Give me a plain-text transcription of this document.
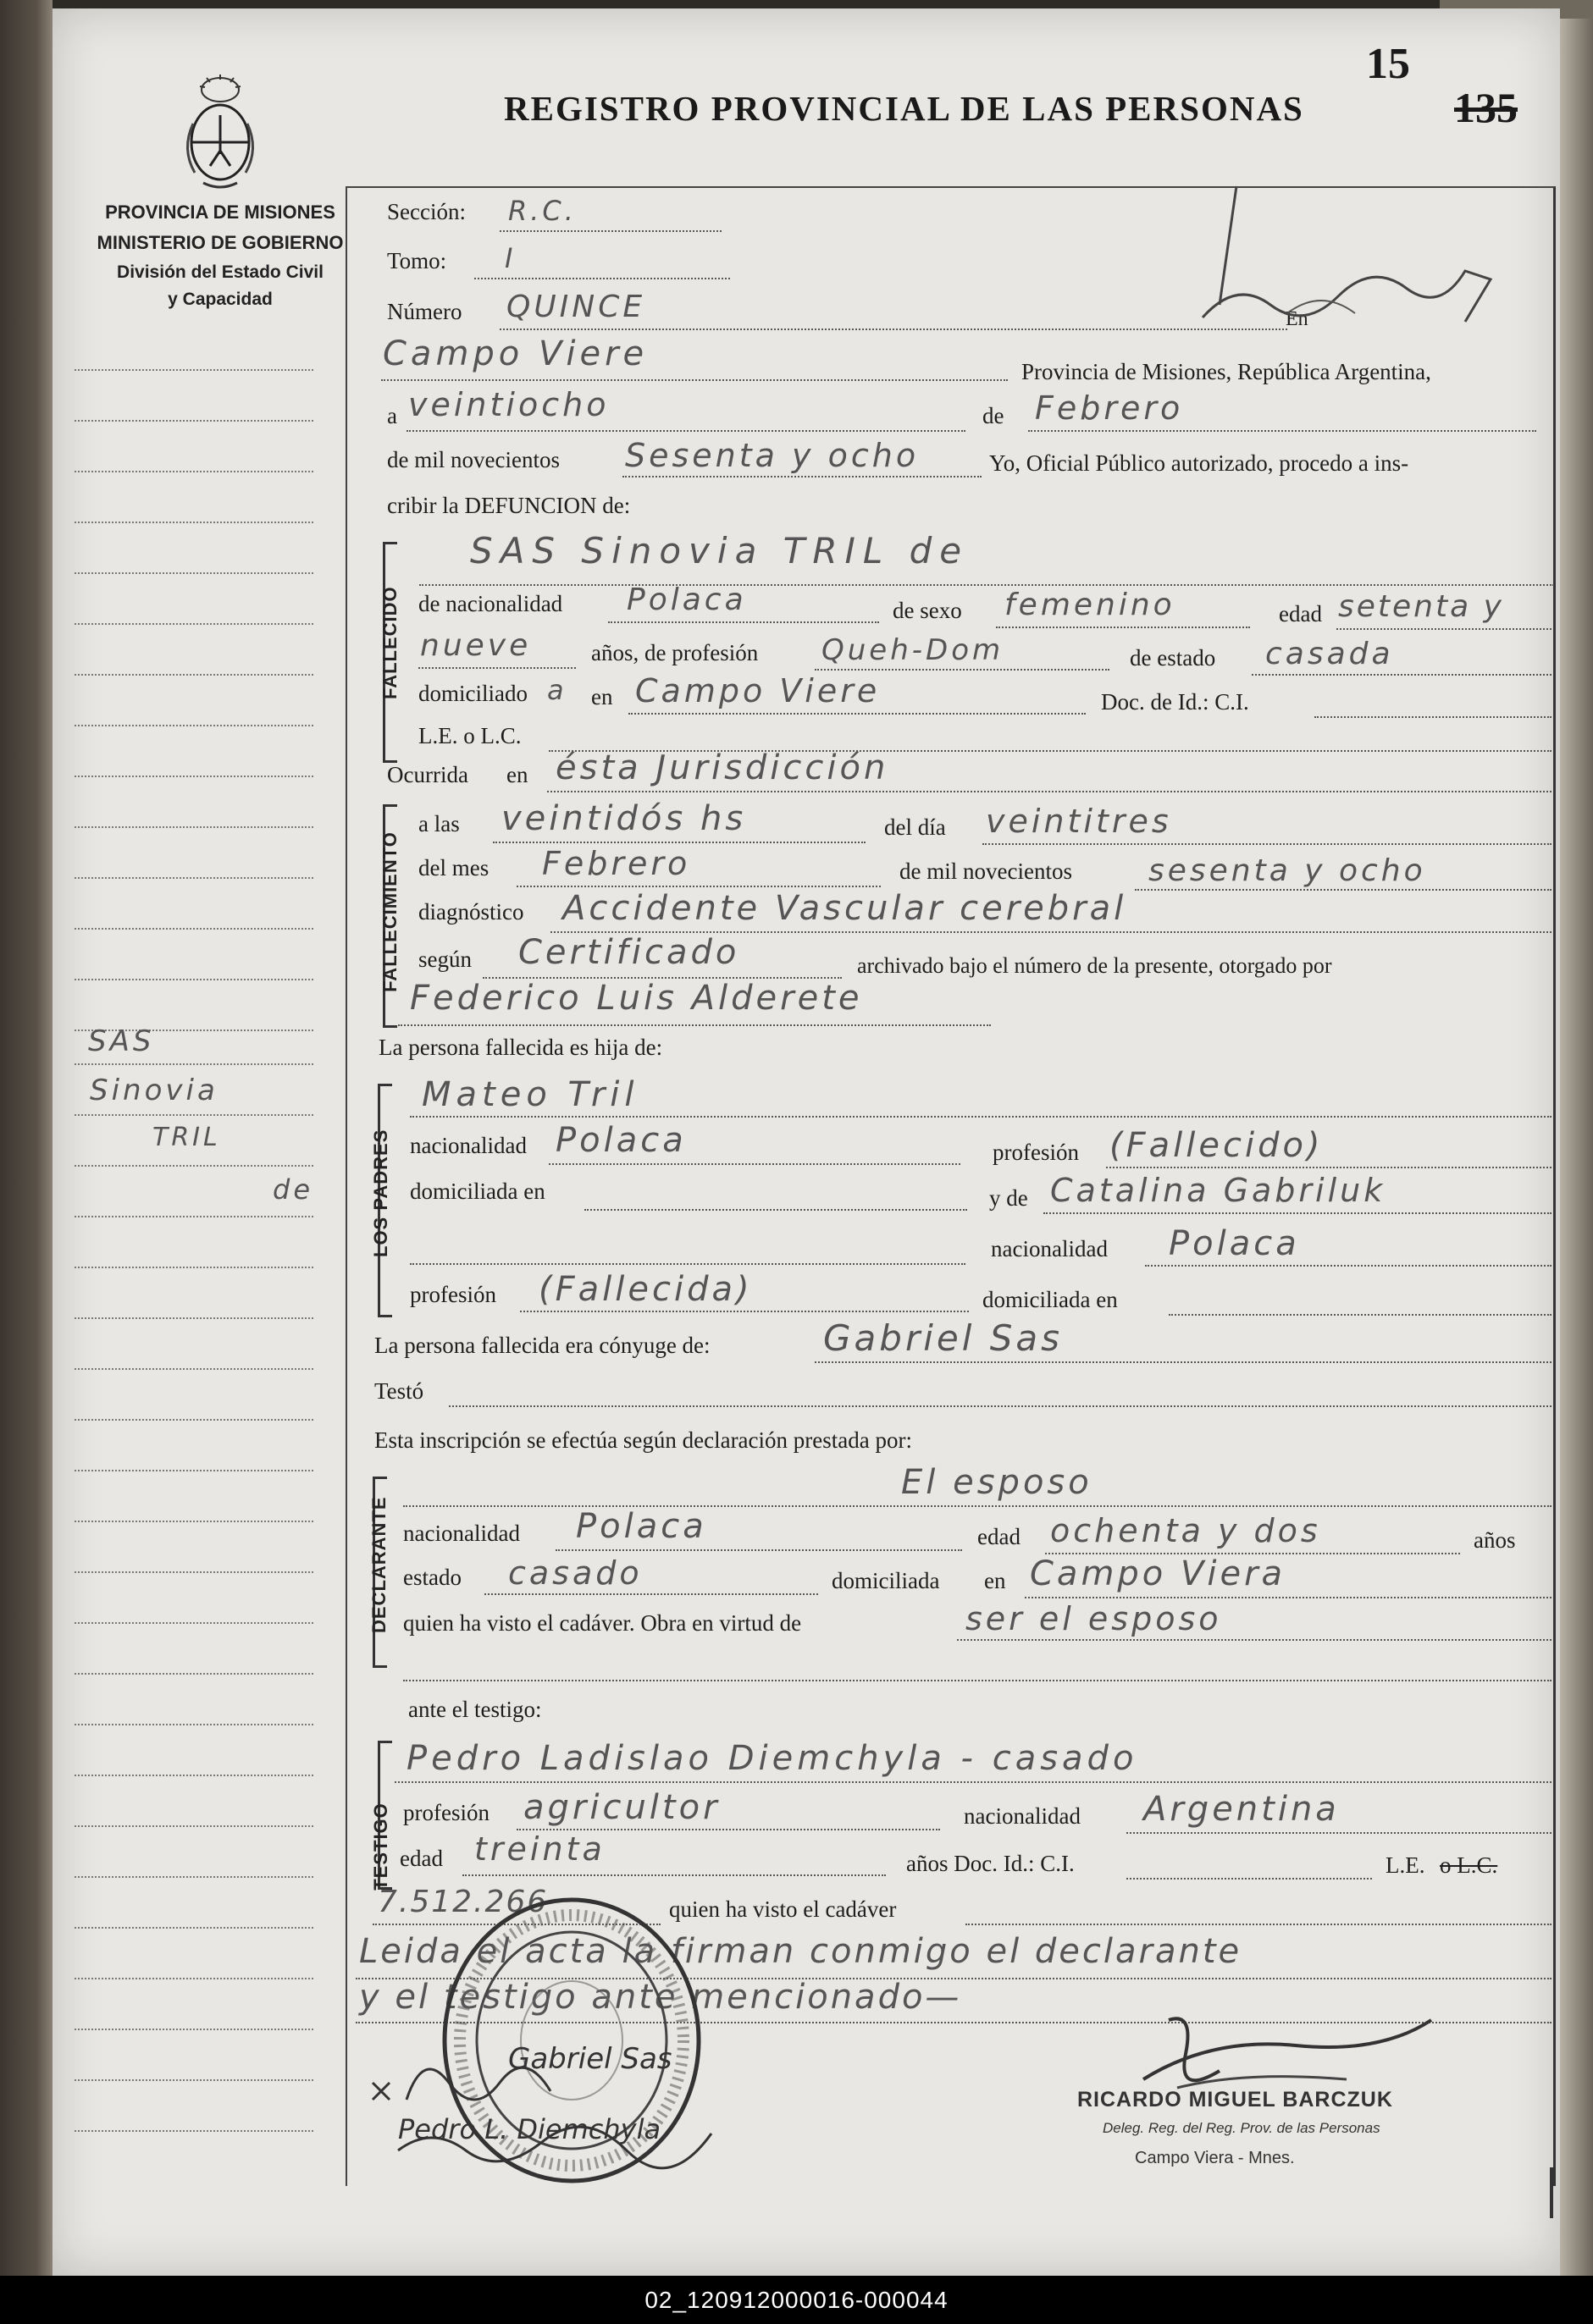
REGISTRO PROVINCIAL DE LAS PERSONAS
15
135
PROVINCIA DE MISIONES
MINISTERIO DE GOBIERNO
División del Estado Civil
y Capacidad
SAS
Sinovia
TRIL
de
Sección: R.C.
Tomo: I
Número QUINCE	En
Campo Viere	Provincia de Misiones, República Argentina,
a veintiocho	de Febrero
de mil novecientos Sesenta y ocho	Yo, Oficial Público autorizado, procedo a ins-
cribir la DEFUNCION de:
FALLECIDO
SAS Sinovia TRIL de
de nacionalidad Polaca	de sexo femenino	edad setenta y
nueve	años, de profesión Queh-Dom	de estado casada
domiciliado a en Campo Viere	Doc. de Id.: C.I.
L.E. o L.C.
Ocurrida en ésta Jurisdicción
FALLECIMIENTO
a las veintidós hs	del día veintitres
del mes Febrero	de mil novecientos	sesenta y ocho
diagnóstico Accidente Vascular cerebral
según Certificado	archivado bajo el número de la presente, otorgado por
Federico Luis Alderete
La persona fallecida es hija de:
LOS PADRES
Mateo Tril
nacionalidad Polaca	profesión (Fallecido)
domiciliada en	y de Catalina Gabriluk
nacionalidad Polaca
profesión (Fallecida)	domiciliada en
La persona fallecida era cónyuge de:	Gabriel Sas
Testó
Esta inscripción se efectúa según declaración prestada por:
DECLARANTE
El esposo
nacionalidad Polaca	edad ochenta y dos	años
estado casado	domiciliada en Campo Viera
quien ha visto el cadáver. Obra en virtud de	ser el esposo
ante el testigo:
TESTIGO
Pedro Ladislao Diemchyla - casado
profesión agricultor	nacionalidad Argentina
edad treinta	años Doc. Id.: C.I.	L.E. o L.C.
7.512.266	quien ha visto el cadáver
Leida el acta la firman conmigo el declarante
y el testigo ante mencionado—
Gabriel Sas
Pedro L. Diemchyla
RICARDO MIGUEL BARCZUK
Deleg. Reg. del Reg. Prov. de las Personas
Campo Viera - Mnes.
02_120912000016-000044
